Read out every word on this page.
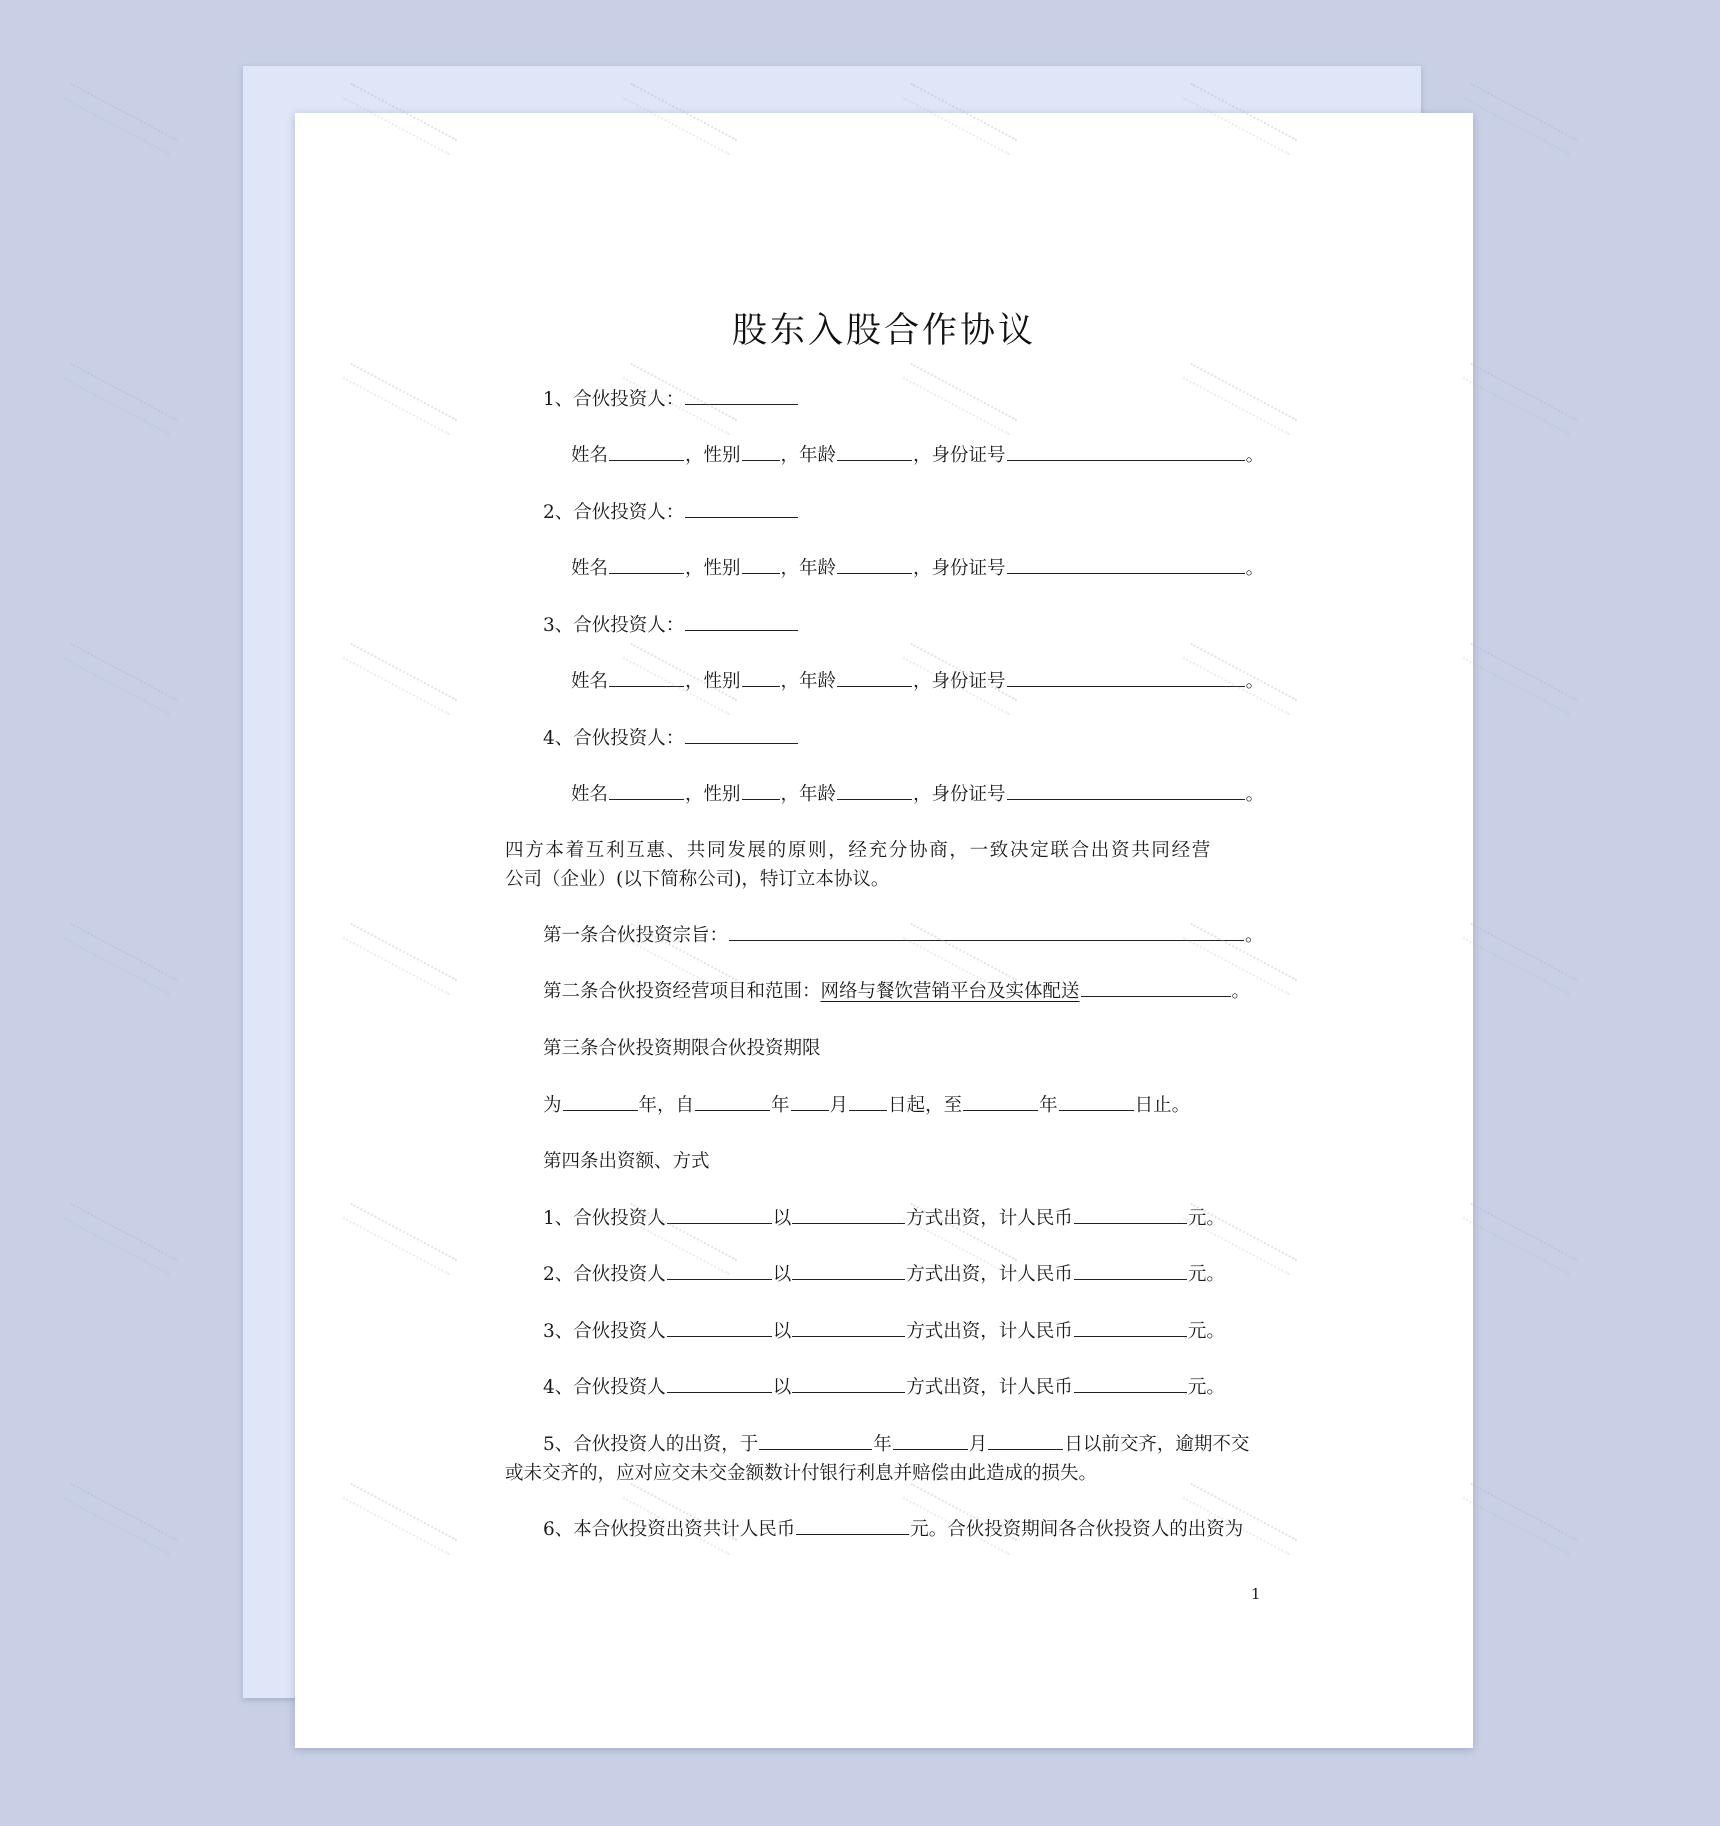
股东入股合作协议
1、合伙投资人：
姓名	，性别 ，年龄	，身份证号	。
2、合伙投资人：
姓名	，性别 ，年龄	，身份证号	。
3、合伙投资人：
姓名	，性别 ，年龄	，身份证号	。
4、合伙投资人：
姓名	，性别 ，年龄	，身份证号	。
四方本着互利互惠、共同发展的原则，经充分协商，一致决定联合出资共同经营
公司（企业）(以下简称公司)，特订立本协议。
第一条合伙投资宗旨：	。
第二条合伙投资经营项目和范围：网络与餐饮营销平台及实体配送	。
第三条合伙投资期限合伙投资期限
为	年，自	年 月 日起，至	年	日止。
第四条出资额、方式
1、合伙投资人	以	方式出资，计人民币	元。
2、合伙投资人	以	方式出资，计人民币	元。
3、合伙投资人	以	方式出资，计人民币	元。
4、合伙投资人	以	方式出资，计人民币	元。
5、合伙投资人的出资，于	年	月	日以前交齐，逾期不交
或未交齐的，应对应交未交金额数计付银行利息并赔偿由此造成的损失。
6、本合伙投资出资共计人民币	元。合伙投资期间各合伙投资人的出资为
1
